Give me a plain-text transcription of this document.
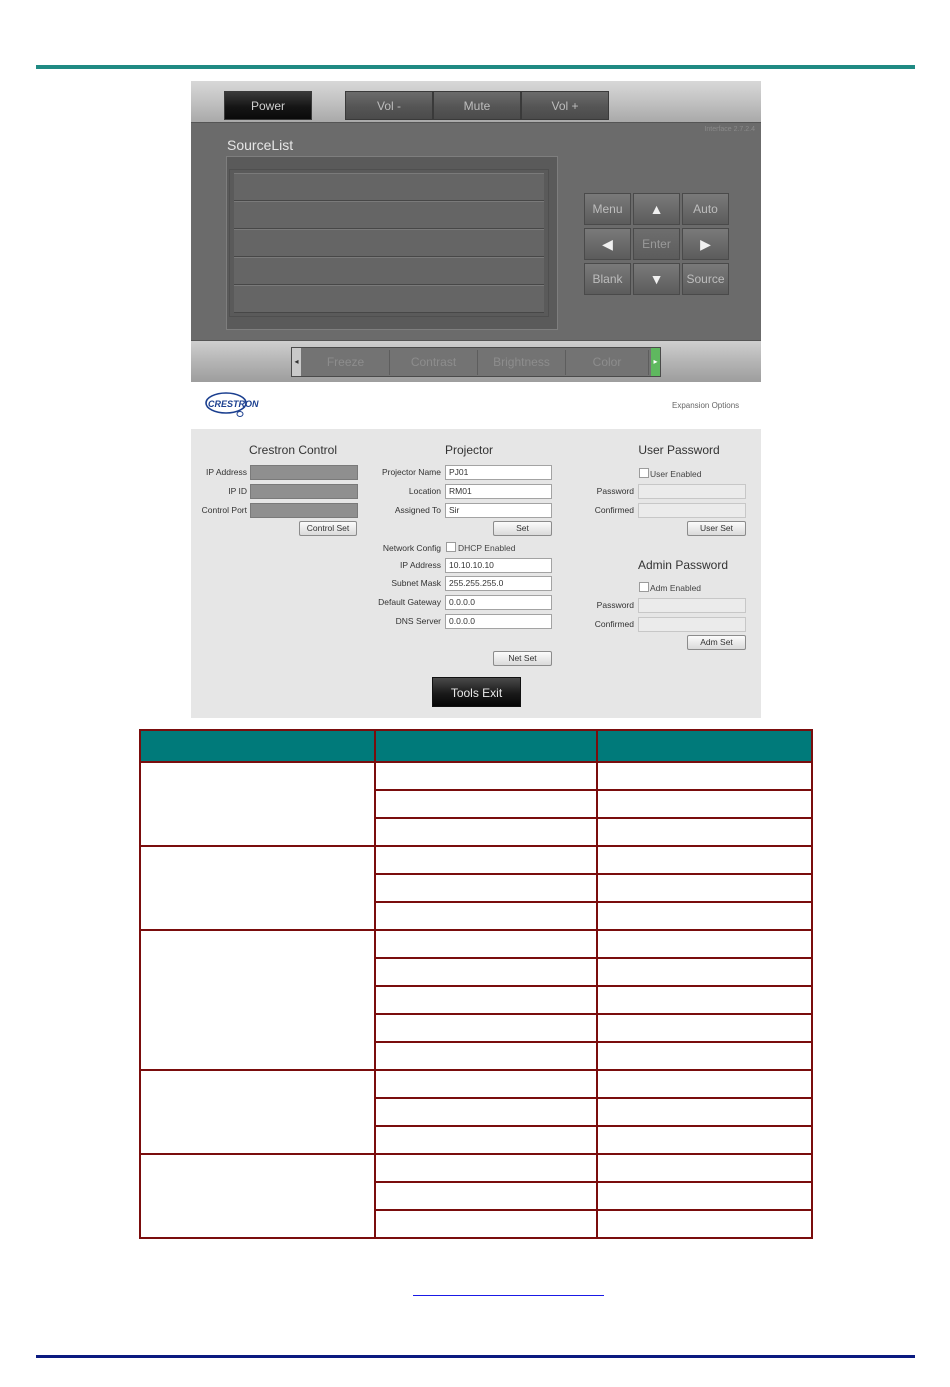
Power	Vol -	Mute	Vol +
Interface 2.7.2.4
SourceList
Menu	▲	Auto
◀	Enter	▶
Blank	▼	Source
◂	Freeze	Contrast	Brightness	Color	▸
CRESTRON	Expansion Options
Crestron Control
IP Address
IP ID
Control Port
Control Set
Projector
Projector Name PJ01
Location RM01
Assigned To Sir
Set
Network Config DHCP Enabled
IP Address 10.10.10.10
Subnet Mask 255.255.255.0
Default Gateway 0.0.0.0
DNS Server 0.0.0.0
Net Set
User Password
User Enabled
Password
Confirmed
User Set
Admin Password
Adm Enabled
Password
Confirmed
Adm Set
Tools Exit
